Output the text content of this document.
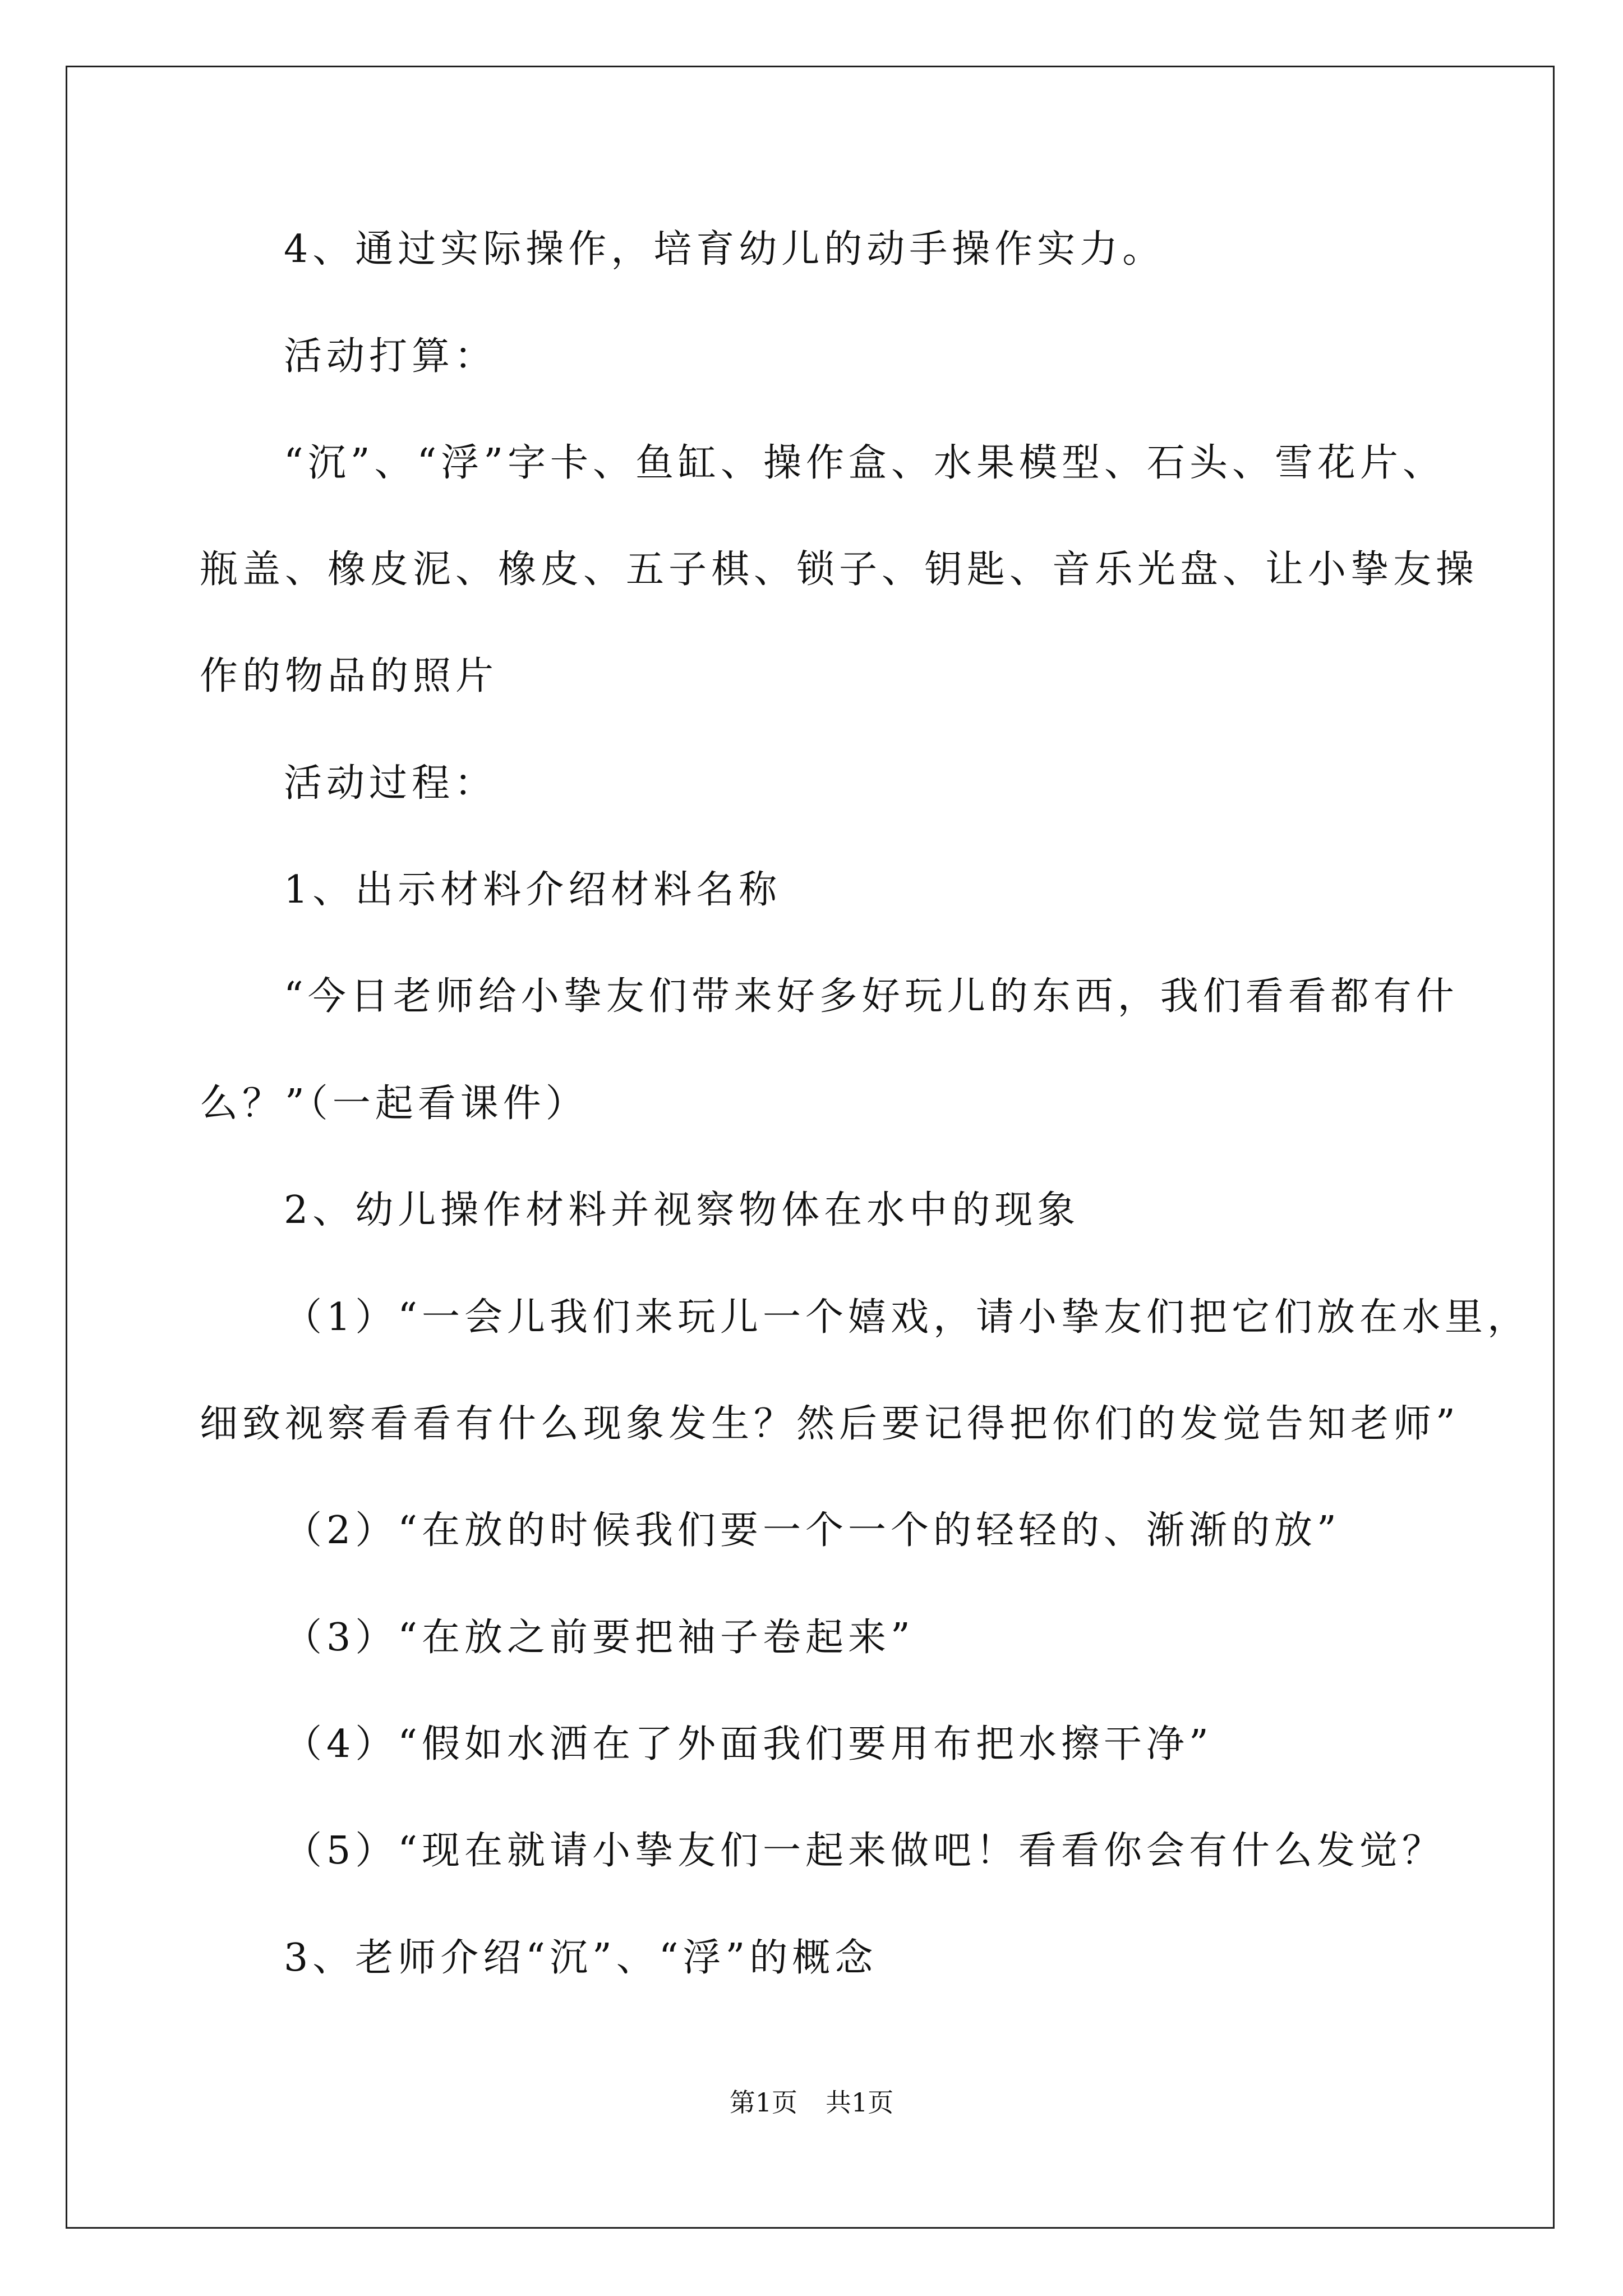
4、通过实际操作，培育幼儿的动手操作实力。
活动打算：
“沉”、“浮”字卡、鱼缸、操作盒、水果模型、石头、雪花片、
瓶盖、橡皮泥、橡皮、五子棋、锁子、钥匙、音乐光盘、让小挚友操
作的物品的照片
活动过程：
1、出示材料介绍材料名称
“今日老师给小挚友们带来好多好玩儿的东西，我们看看都有什
么？”（一起看课件）
2、幼儿操作材料并视察物体在水中的现象
（1）“一会儿我们来玩儿一个嬉戏，请小挚友们把它们放在水里，
细致视察看看有什么现象发生？然后要记得把你们的发觉告知老师”
（2）“在放的时候我们要一个一个的轻轻的、渐渐的放”
（3）“在放之前要把袖子卷起来”
（4）“假如水洒在了外面我们要用布把水擦干净”
（5）“现在就请小挚友们一起来做吧！看看你会有什么发觉？
3、老师介绍“沉”、“浮”的概念
第1页 共1页
